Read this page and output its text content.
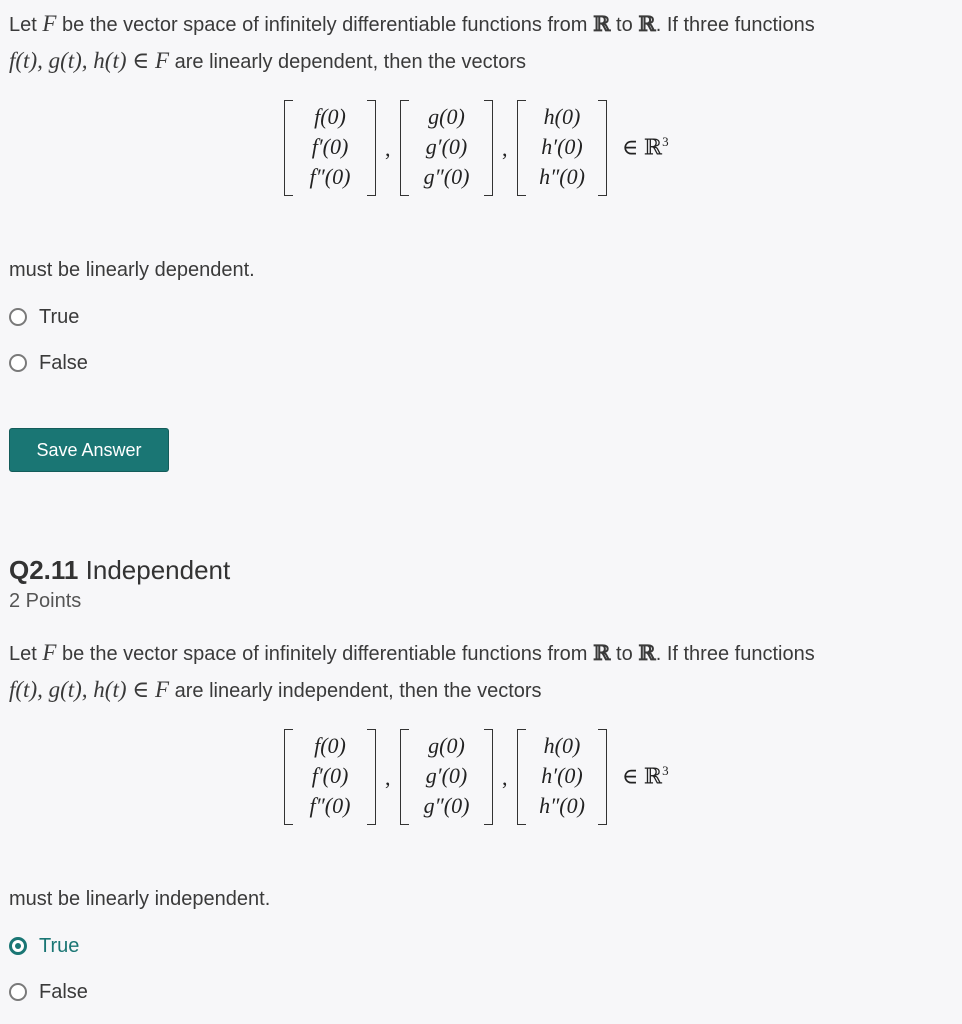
Let F be the vector space of infinitely differentiable functions from ℝ to ℝ. If three functions
f(t), g(t), h(t) ∈ F are linearly dependent, then the vectors
f(0)
f′(0)
f″(0)
,
g(0)
g′(0)
g″(0)
,
h(0)
h′(0)
h″(0)
∈ ℝ$^3$
must be linearly dependent.
True
False
Save Answer
Q2.11 Independent
2 Points
Let F be the vector space of infinitely differentiable functions from ℝ to ℝ. If three functions
f(t), g(t), h(t) ∈ F are linearly independent, then the vectors
f(0)
f′(0)
f″(0)
,
g(0)
g′(0)
g″(0)
,
h(0)
h′(0)
h″(0)
∈ ℝ$^3$
must be linearly independent.
True
False
